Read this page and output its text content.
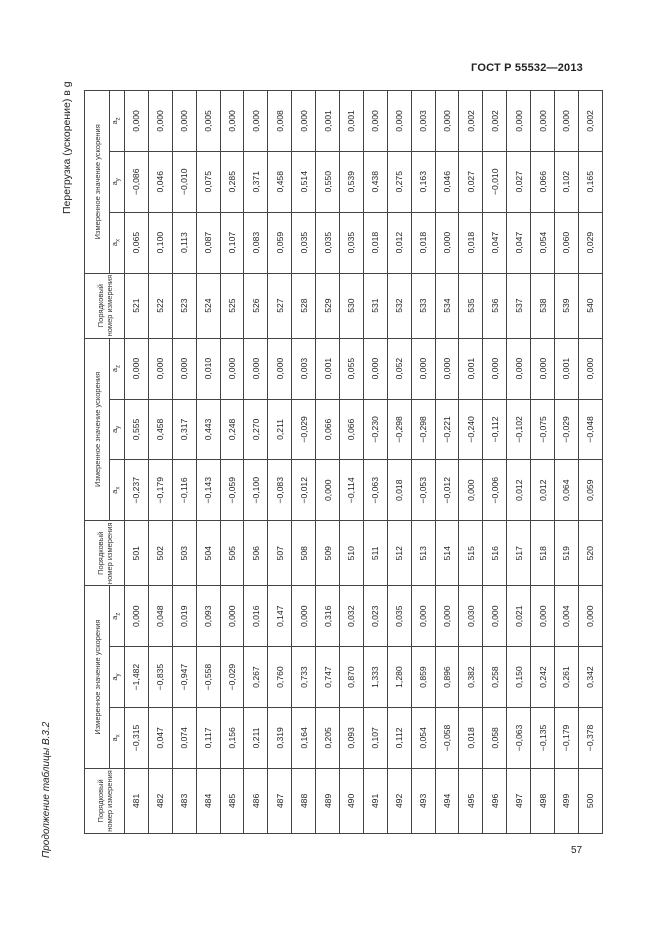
ГОСТ Р 55532—2013
Перегрузка (ускорение) в g
Продолжение таблицы В.3.2	57
Порядковый номер измерения	Измеренное значение ускорения			Порядковый номер измерения	Измеренное значение ускорения			Порядковый номер измерения	Измеренное значение ускорения		
	$a_x$	$a_y$	$a_z$		$a_x$	$a_y$	$a_z$		$a_x$	$a_y$	$a_z$
481	−0,315	−1,482	0,000	501	−0,237	0,555	0,000	521	0,065	−0,086	0,000
482	0,047	−0,835	0,048	502	−0,179	0,458	0,000	522	0,100	0,046	0,000
483	0,074	−0,947	0,019	503	−0,116	0,317	0,000	523	0,113	−0,010	0,000
484	0,117	−0,558	0,093	504	−0,143	0,443	0,010	524	0,087	0,075	0,005
485	0,156	−0,029	0,000	505	−0,059	0,248	0,000	525	0,107	0,285	0,000
486	0,211	0,267	0,016	506	−0,100	0,270	0,000	526	0,083	0,371	0,000
487	0,319	0,760	0,147	507	−0,083	0,211	0,000	527	0,059	0,458	0,008
488	0,164	0,733	0,000	508	−0,012	−0,029	0,003	528	0,035	0,514	0,000
489	0,205	0,747	0,316	509	0,000	0,066	0,001	529	0,035	0,550	0,001
490	0,093	0,870	0,032	510	−0,114	0,066	0,055	530	0,035	0,539	0,001
491	0,107	1,333	0,023	511	−0,063	−0,230	0,000	531	0,018	0,438	0,000
492	0,112	1,280	0,035	512	0,018	−0,298	0,052	532	0,012	0,275	0,000
493	0,054	0,859	0,000	513	−0,053	−0,298	0,000	533	0,018	0,163	0,003
494	−0,058	0,896	0,000	514	−0,012	−0,221	0,000	534	0,000	0,046	0,000
495	0,018	0,382	0,030	515	0,000	−0,240	0,001	535	0,018	0,027	0,002
496	0,058	0,258	0,000	516	−0,006	−0,112	0,000	536	0,047	−0,010	0,002
497	−0,063	0,150	0,021	517	0,012	−0,102	0,000	537	0,047	0,027	0,000
498	−0,135	0,242	0,000	518	0,012	−0,075	0,000	538	0,054	0,066	0,000
499	−0,179	0,261	0,004	519	0,064	−0,029	0,001	539	0,060	0,102	0,000
500	−0,378	0,342	0,000	520	0,059	−0,048	0,000	540	0,029	0,165	0,002
